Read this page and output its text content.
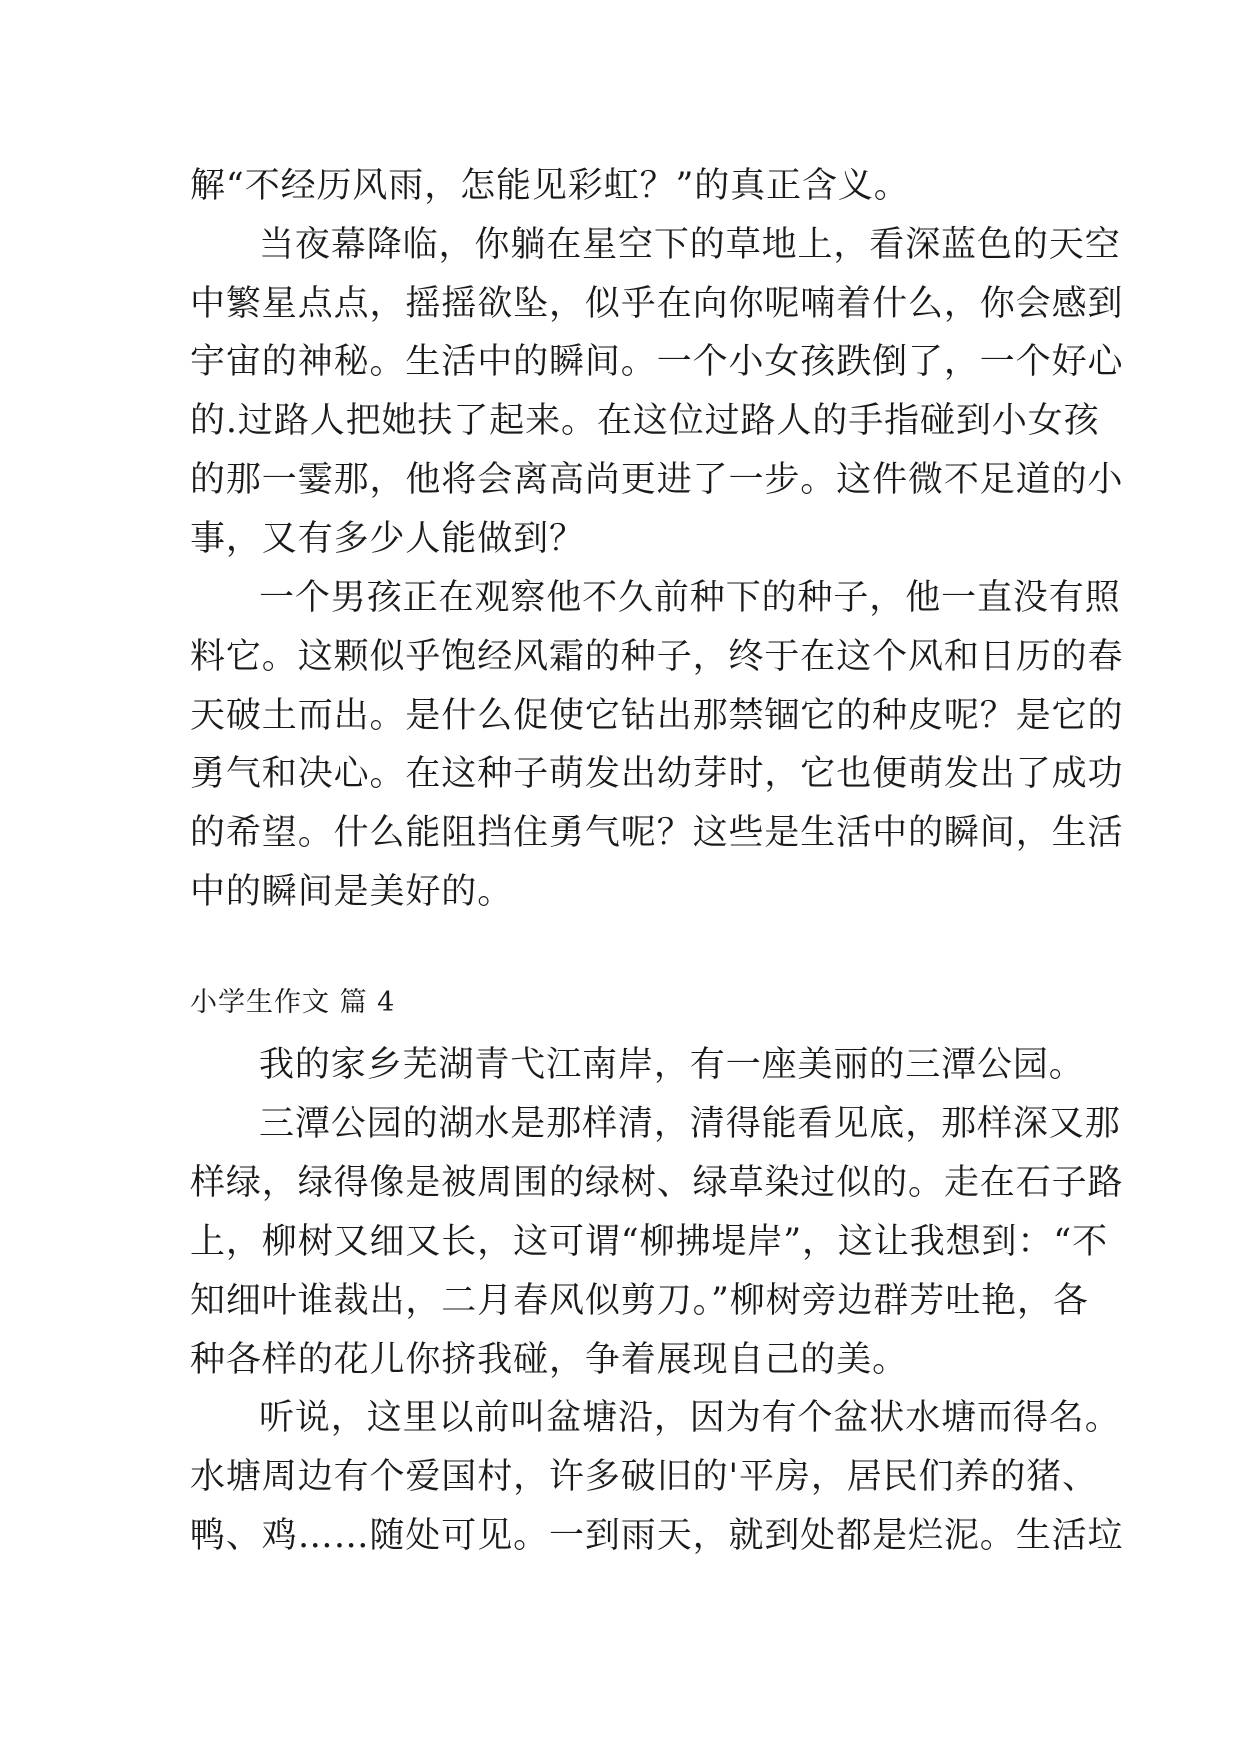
解“不经历风雨，怎能见彩虹？”的真正含义。
当夜幕降临，你躺在星空下的草地上，看深蓝色的天空
中繁星点点，摇摇欲坠，似乎在向你呢喃着什么，你会感到
宇宙的神秘。生活中的瞬间。一个小女孩跌倒了，一个好心
的.过路人把她扶了起来。在这位过路人的手指碰到小女孩
的那一霎那，他将会离高尚更进了一步。这件微不足道的小
事，又有多少人能做到？
一个男孩正在观察他不久前种下的种子，他一直没有照
料它。这颗似乎饱经风霜的种子，终于在这个风和日历的春
天破土而出。是什么促使它钻出那禁锢它的种皮呢？是它的
勇气和决心。在这种子萌发出幼芽时，它也便萌发出了成功
的希望。什么能阻挡住勇气呢？这些是生活中的瞬间，生活
中的瞬间是美好的。
小学生作文 篇 4
我的家乡芜湖青弋江南岸，有一座美丽的三潭公园。
三潭公园的湖水是那样清，清得能看见底，那样深又那
样绿，绿得像是被周围的绿树、绿草染过似的。走在石子路
上，柳树又细又长，这可谓“柳拂堤岸”，这让我想到：“不
知细叶谁裁出，二月春风似剪刀。”柳树旁边群芳吐艳，各
种各样的花儿你挤我碰，争着展现自己的美。
听说，这里以前叫盆塘沿，因为有个盆状水塘而得名。
水塘周边有个爱国村，许多破旧的'平房，居民们养的猪、
鸭、鸡……随处可见。一到雨天，就到处都是烂泥。生活垃
